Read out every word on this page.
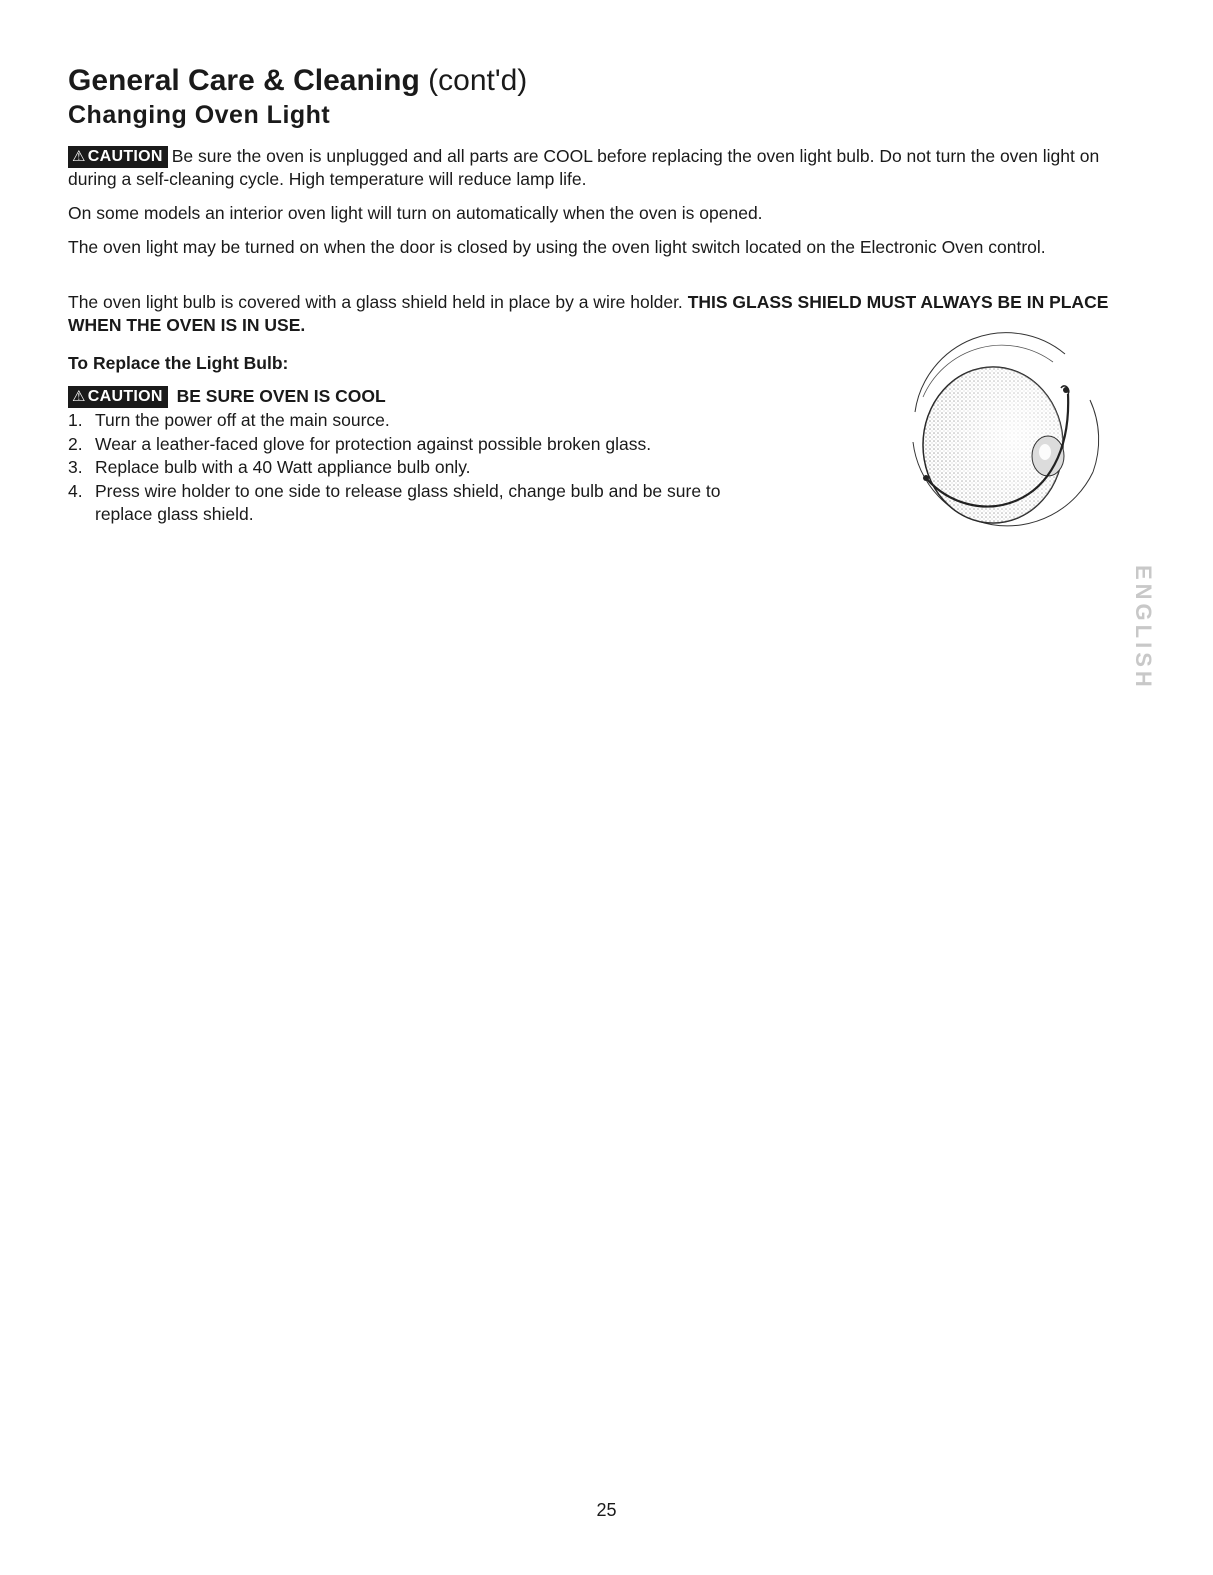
General Care & Cleaning (cont'd)
Changing Oven Light

⚠ CAUTION Be sure the oven is unplugged and all parts are COOL before replacing the oven light bulb. Do not turn the oven light on during a self-cleaning cycle. High temperature will reduce lamp life.

On some models an interior oven light will turn on automatically when the oven is opened.

The oven light may be turned on when the door is closed by using the oven light switch located on the Electronic Oven control.

The oven light bulb is covered with a glass shield held in place by a wire holder. THIS GLASS SHIELD MUST ALWAYS BE IN PLACE WHEN THE OVEN IS IN USE.

To Replace the Light Bulb:

⚠ CAUTION BE SURE OVEN IS COOL

1. Turn the power off at the main source.
2. Wear a leather-faced glove for protection against possible broken glass.
3. Replace bulb with a 40 Watt appliance bulb only.
4. Press wire holder to one side to release glass shield, change bulb and be sure to replace glass shield.
ENGLISH

25
